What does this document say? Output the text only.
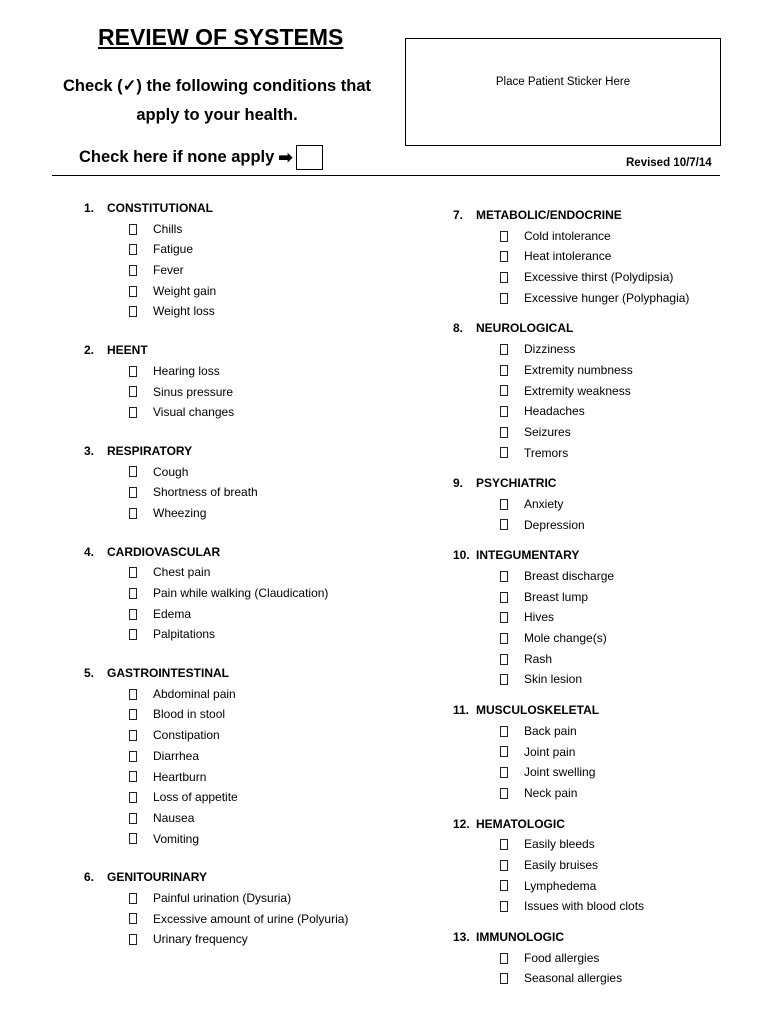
REVIEW OF SYSTEMS
Check (✓) the following conditions that apply to your health.
Check here if none apply ➡
Place Patient Sticker Here
Revised 10/7/14
1.	CONSTITUTIONAL
Chills
Fatigue
Fever
Weight gain
Weight loss
2.	HEENT
Hearing loss
Sinus pressure
Visual changes
3.	RESPIRATORY
Cough
Shortness of breath
Wheezing
4.	CARDIOVASCULAR
Chest pain
Pain while walking (Claudication)
Edema
Palpitations
5.	GASTROINTESTINAL
Abdominal pain
Blood in stool
Constipation
Diarrhea
Heartburn
Loss of appetite
Nausea
Vomiting
6.	GENITOURINARY
Painful urination (Dysuria)
Excessive amount of urine (Polyuria)
Urinary frequency
7.	METABOLIC/ENDOCRINE
Cold intolerance
Heat intolerance
Excessive thirst (Polydipsia)
Excessive hunger (Polyphagia)
8.	NEUROLOGICAL
Dizziness
Extremity numbness
Extremity weakness
Headaches
Seizures
Tremors
9.	PSYCHIATRIC
Anxiety
Depression
10. INTEGUMENTARY
Breast discharge
Breast lump
Hives
Mole change(s)
Rash
Skin lesion
11. MUSCULOSKELETAL
Back pain
Joint pain
Joint swelling
Neck pain
12. HEMATOLOGIC
Easily bleeds
Easily bruises
Lymphedema
Issues with blood clots
13. IMMUNOLOGIC
Food allergies
Seasonal allergies
